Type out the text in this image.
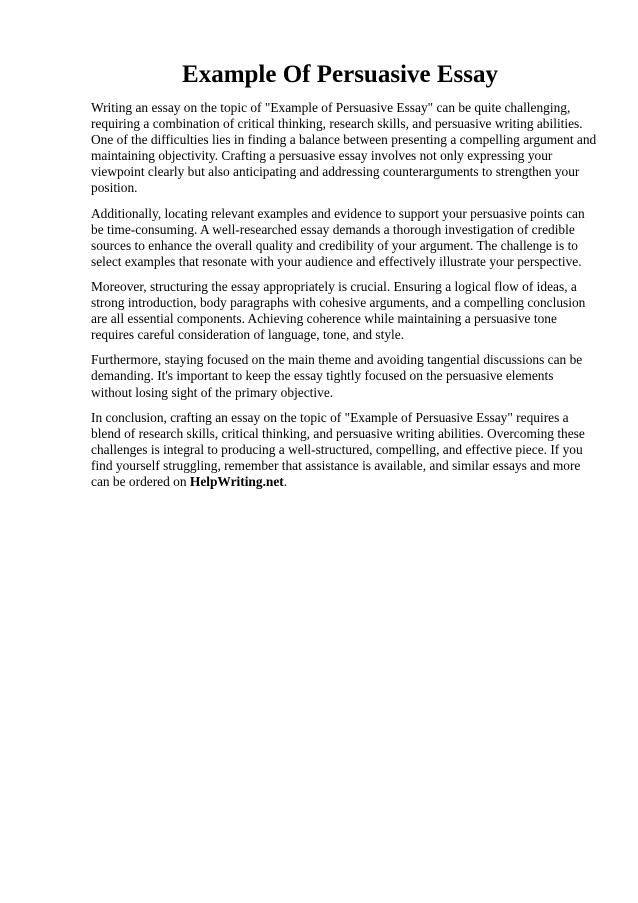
Example Of Persuasive Essay

Writing an essay on the topic of "Example of Persuasive Essay" can be quite challenging, requiring a combination of critical thinking, research skills, and persuasive writing abilities. One of the difficulties lies in finding a balance between presenting a compelling argument and maintaining objectivity. Crafting a persuasive essay involves not only expressing your viewpoint clearly but also anticipating and addressing counterarguments to strengthen your position.

Additionally, locating relevant examples and evidence to support your persuasive points can be time-consuming. A well-researched essay demands a thorough investigation of credible sources to enhance the overall quality and credibility of your argument. The challenge is to select examples that resonate with your audience and effectively illustrate your perspective.

Moreover, structuring the essay appropriately is crucial. Ensuring a logical flow of ideas, a strong introduction, body paragraphs with cohesive arguments, and a compelling conclusion are all essential components. Achieving coherence while maintaining a persuasive tone requires careful consideration of language, tone, and style.

Furthermore, staying focused on the main theme and avoiding tangential discussions can be demanding. It's important to keep the essay tightly focused on the persuasive elements without losing sight of the primary objective.

In conclusion, crafting an essay on the topic of "Example of Persuasive Essay" requires a blend of research skills, critical thinking, and persuasive writing abilities. Overcoming these challenges is integral to producing a well-structured, compelling, and effective piece. If you find yourself struggling, remember that assistance is available, and similar essays and more can be ordered on HelpWriting.net.
